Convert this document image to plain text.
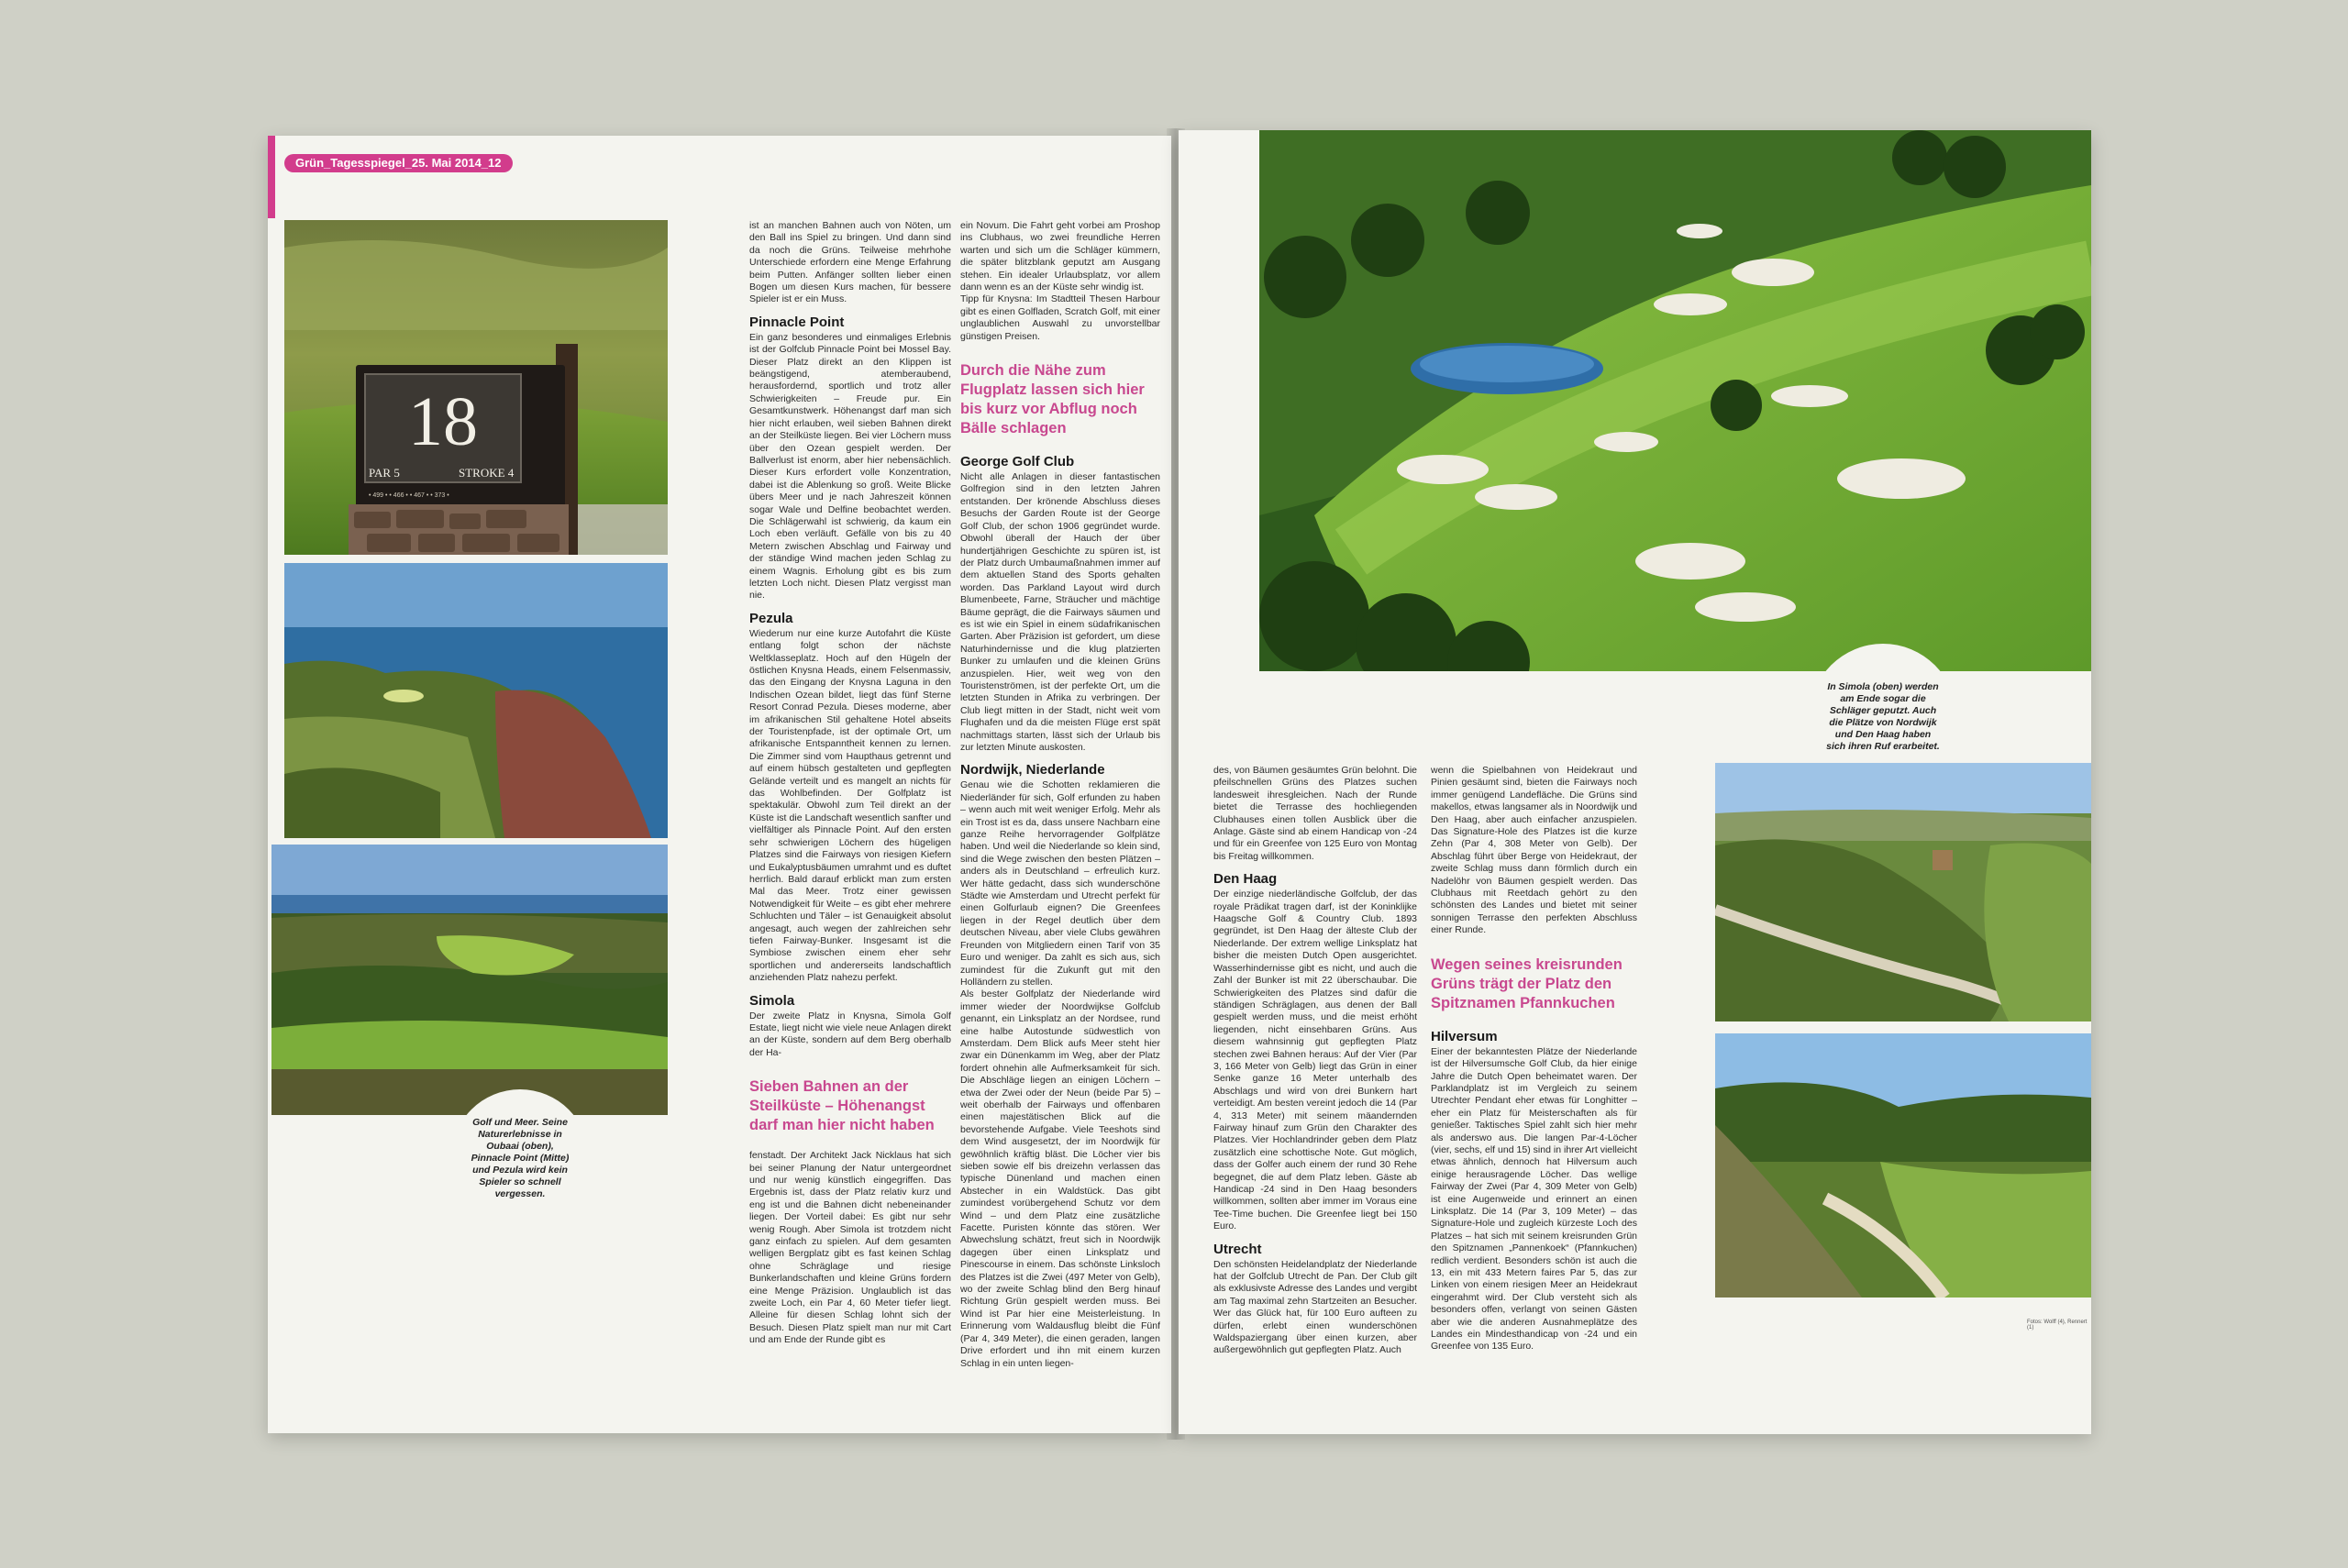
Grün_Tagesspiegel_25. Mai 2014_12
18
PAR 5	STROKE 4
• 499 • • 466 • • 467 • • 373 •
Golf und Meer. Seine Naturerlebnisse in Oubaai (oben), Pinnacle Point (Mitte) und Pezula wird kein Spieler so schnell vergessen.

ist an manchen Bahnen auch von Nöten, um den Ball ins Spiel zu bringen. Und dann sind da noch die Grüns. Teilweise mehrhohe Unterschiede erfordern eine Menge Erfahrung beim Putten. Anfänger sollten lieber einen Bogen um diesen Kurs machen, für bessere Spieler ist er ein Muss.

Pinnacle Point

Ein ganz besonderes und einmaliges Erlebnis ist der Golfclub Pinnacle Point bei Mossel Bay. Dieser Platz direkt an den Klippen ist beängstigend, atemberaubend, herausfordernd, sportlich und trotz aller Schwierigkeiten – Freude pur. Ein Gesamtkunstwerk. Höhenangst darf man sich hier nicht erlauben, weil sieben Bahnen direkt an der Steilküste liegen. Bei vier Löchern muss über den Ozean gespielt werden. Der Ballverlust ist enorm, aber hier nebensächlich. Dieser Kurs erfordert volle Konzentration, dabei ist die Ablenkung so groß. Weite Blicke übers Meer und je nach Jahreszeit können sogar Wale und Delfine beobachtet werden. Die Schlägerwahl ist schwierig, da kaum ein Loch eben verläuft. Gefälle von bis zu 40 Metern zwischen Abschlag und Fairway und der ständige Wind machen jeden Schlag zu einem Wagnis. Erholung gibt es bis zum letzten Loch nicht. Diesen Platz vergisst man nie.

Pezula

Wiederum nur eine kurze Autofahrt die Küste entlang folgt schon der nächste Weltklasseplatz. Hoch auf den Hügeln der östlichen Knysna Heads, einem Felsenmassiv, das den Eingang der Knysna Laguna in den Indischen Ozean bildet, liegt das fünf Sterne Resort Conrad Pezula. Dieses moderne, aber im afrikanischen Stil gehaltene Hotel abseits der Touristenpfade, ist der optimale Ort, um afrikanische Entspanntheit kennen zu lernen. Die Zimmer sind vom Haupthaus getrennt und auf einem hübsch gestalteten und gepflegten Gelände verteilt und es mangelt an nichts für das Wohlbefinden. Der Golfplatz ist spektakulär. Obwohl zum Teil direkt an der Küste ist die Landschaft wesentlich sanfter und vielfältiger als Pinnacle Point. Auf den ersten sehr schwierigen Löchern des hügeligen Platzes sind die Fairways von riesigen Kiefern und Eukalyptusbäumen umrahmt und es duftet herrlich. Bald darauf erblickt man zum ersten Mal das Meer. Trotz einer gewissen Notwendigkeit für Weite – es gibt eher mehrere Schluchten und Täler – ist Genauigkeit absolut angesagt, auch wegen der zahlreichen sehr tiefen Fairway-Bunker. Insgesamt ist die Symbiose zwischen einem eher sehr sportlichen und andererseits landschaftlich anziehenden Platz nahezu perfekt.

Simola

Der zweite Platz in Knysna, Simola Golf Estate, liegt nicht wie viele neue Anlagen direkt an der Küste, sondern auf dem Berg oberhalb der Ha-

Sieben Bahnen an der Steilküste – Höhenangst darf man hier nicht haben

fenstadt. Der Architekt Jack Nicklaus hat sich bei seiner Planung der Natur untergeordnet und nur wenig künstlich eingegriffen. Das Ergebnis ist, dass der Platz relativ kurz und eng ist und die Bahnen dicht nebeneinander liegen. Der Vorteil dabei: Es gibt nur sehr wenig Rough. Aber Simola ist trotzdem nicht ganz einfach zu spielen. Auf dem gesamten welligen Bergplatz gibt es fast keinen Schlag ohne Schräglage und riesige Bunkerlandschaften und kleine Grüns fordern eine Menge Präzision. Unglaublich ist das zweite Loch, ein Par 4, 60 Meter tiefer liegt. Alleine für diesen Schlag lohnt sich der Besuch. Diesen Platz spielt man nur mit Cart und am Ende der Runde gibt es

ein Novum. Die Fahrt geht vorbei am Proshop ins Clubhaus, wo zwei freundliche Herren warten und sich um die Schläger kümmern, die später blitzblank geputzt am Ausgang stehen. Ein idealer Urlaubsplatz, vor allem dann wenn es an der Küste sehr windig ist.

Tipp für Knysna: Im Stadtteil Thesen Harbour gibt es einen Golfladen, Scratch Golf, mit einer unglaublichen Auswahl zu unvorstellbar günstigen Preisen.

Durch die Nähe zum Flugplatz lassen sich hier bis kurz vor Abflug noch Bälle schlagen
George Golf Club

Nicht alle Anlagen in dieser fantastischen Golfregion sind in den letzten Jahren entstanden. Der krönende Abschluss dieses Besuchs der Garden Route ist der George Golf Club, der schon 1906 gegründet wurde. Obwohl überall der Hauch der über hundertjährigen Geschichte zu spüren ist, ist der Platz durch Umbaumaßnahmen immer auf dem aktuellen Stand des Sports gehalten worden. Das Parkland Layout wird durch Blumenbeete, Farne, Sträucher und mächtige Bäume geprägt, die die Fairways säumen und es ist wie ein Spiel in einem südafrikanischen Garten. Aber Präzision ist gefordert, um diese Naturhindernisse und die klug platzierten Bunker zu umlaufen und die kleinen Grüns anzuspielen. Hier, weit weg von den Touristenströmen, ist der perfekte Ort, um die letzten Stunden in Afrika zu verbringen. Der Club liegt mitten in der Stadt, nicht weit vom Flughafen und da die meisten Flüge erst spät nachmittags starten, lässt sich der Urlaub bis zur letzten Minute auskosten.

Nordwijk, Niederlande

Genau wie die Schotten reklamieren die Niederländer für sich, Golf erfunden zu haben – wenn auch mit weit weniger Erfolg. Mehr als ein Trost ist es da, dass unsere Nachbarn eine ganze Reihe hervorragender Golfplätze haben. Und weil die Niederlande so klein sind, sind die Wege zwischen den besten Plätzen – anders als in Deutschland – erfreulich kurz. Wer hätte gedacht, dass sich wunderschöne Städte wie Amsterdam und Utrecht perfekt für einen Golfurlaub eignen? Die Greenfees liegen in der Regel deutlich über dem deutschen Niveau, aber viele Clubs gewähren Freunden von Mitgliedern einen Tarif von 35 Euro und weniger. Da zahlt es sich aus, sich zumindest für die Zukunft gut mit den Holländern zu stellen.

Als bester Golfplatz der Niederlande wird immer wieder der Noordwijkse Golfclub genannt, ein Linksplatz an der Nordsee, rund eine halbe Autostunde südwestlich von Amsterdam. Dem Blick aufs Meer steht hier zwar ein Dünenkamm im Weg, aber der Platz fordert ohnehin alle Aufmerksamkeit für sich. Die Abschläge liegen an einigen Löchern – etwa der Zwei oder der Neun (beide Par 5) – weit oberhalb der Fairways und offenbaren einen majestätischen Blick auf die bevorstehende Aufgabe. Viele Teeshots sind dem Wind ausgesetzt, der im Noordwijk für gewöhnlich kräftig bläst. Die Löcher vier bis sieben sowie elf bis dreizehn verlassen das typische Dünenland und machen einen Abstecher in ein Waldstück. Das gibt zumindest vorübergehend Schutz vor dem Wind – und dem Platz eine zusätzliche Facette. Puristen könnte das stören. Wer Abwechslung schätzt, freut sich in Noordwijk dagegen über einen Linksplatz und Pinescourse in einem. Das schönste Linksloch des Platzes ist die Zwei (497 Meter von Gelb), wo der zweite Schlag blind den Berg hinauf Richtung Grün gespielt werden muss. Bei Wind ist Par hier eine Meisterleistung. In Erinnerung vom Waldausflug bleibt die Fünf (Par 4, 349 Meter), die einen geraden, langen Drive erfordert und ihn mit einem kurzen Schlag in ein unten liegen-

In Simola (oben) werden am Ende sogar die Schläger geputzt. Auch die Plätze von Nordwijk und Den Haag haben sich ihren Ruf erarbeitet.
Fotos: Wolff (4), Rennert (1)

des, von Bäumen gesäumtes Grün belohnt. Die pfeilschnellen Grüns des Platzes suchen landesweit ihresgleichen. Nach der Runde bietet die Terrasse des hochliegenden Clubhauses einen tollen Ausblick über die Anlage. Gäste sind ab einem Handicap von -24 und für ein Greenfee von 125 Euro von Montag bis Freitag willkommen.

Den Haag

Der einzige niederländische Golfclub, der das royale Prädikat tragen darf, ist der Koninklijke Haagsche Golf & Country Club. 1893 gegründet, ist Den Haag der älteste Club der Niederlande. Der extrem wellige Linksplatz hat bisher die meisten Dutch Open ausgerichtet. Wasserhindernisse gibt es nicht, und auch die Zahl der Bunker ist mit 22 überschaubar. Die Schwierigkeiten des Platzes sind dafür die ständigen Schräglagen, aus denen der Ball gespielt werden muss, und die meist erhöht liegenden, nicht einsehbaren Grüns. Aus diesem wahnsinnig gut gepflegten Platz stechen zwei Bahnen heraus: Auf der Vier (Par 3, 166 Meter von Gelb) liegt das Grün in einer Senke ganze 16 Meter unterhalb des Abschlags und wird von drei Bunkern hart verteidigt. Am besten vereint jedoch die 14 (Par 4, 313 Meter) mit seinem mäandernden Fairway hinauf zum Grün den Charakter des Platzes. Vier Hochlandrinder geben dem Platz zusätzlich eine schottische Note. Gut möglich, dass der Golfer auch einem der rund 30 Rehe begegnet, die auf dem Platz leben. Gäste ab Handicap -24 sind in Den Haag besonders willkommen, sollten aber immer im Voraus eine Tee-Time buchen. Die Greenfee liegt bei 150 Euro.

Utrecht

Den schönsten Heidelandplatz der Niederlande hat der Golfclub Utrecht de Pan. Der Club gilt als exklusivste Adresse des Landes und vergibt am Tag maximal zehn Startzeiten an Besucher. Wer das Glück hat, für 100 Euro aufteen zu dürfen, erlebt einen wunderschönen Waldspaziergang über einen kurzen, aber außergewöhnlich gut gepflegten Platz. Auch

wenn die Spielbahnen von Heidekraut und Pinien gesäumt sind, bieten die Fairways noch immer genügend Landefläche. Die Grüns sind makellos, etwas langsamer als in Noordwijk und Den Haag, aber auch einfacher anzuspielen. Das Signature-Hole des Platzes ist die kurze Zehn (Par 4, 308 Meter von Gelb). Der Abschlag führt über Berge von Heidekraut, der zweite Schlag muss dann förmlich durch ein Nadelöhr von Bäumen gespielt werden. Das Clubhaus mit Reetdach gehört zu den schönsten des Landes und bietet mit seiner sonnigen Terrasse den perfekten Abschluss einer Runde.

Wegen seines kreisrunden Grüns trägt der Platz den Spitznamen Pfannkuchen
Hilversum

Einer der bekanntesten Plätze der Niederlande ist der Hilversumsche Golf Club, da hier einige Jahre die Dutch Open beheimatet waren. Der Parklandplatz ist im Vergleich zu seinem Utrechter Pendant eher etwas für Longhitter – eher ein Platz für Meisterschaften als für genießer. Taktisches Spiel zahlt sich hier mehr als anderswo aus. Die langen Par-4-Löcher (vier, sechs, elf und 15) sind in ihrer Art vielleicht etwas ähnlich, dennoch hat Hilversum auch einige herausragende Löcher. Das wellige Fairway der Zwei (Par 4, 309 Meter von Gelb) ist eine Augenweide und erinnert an einen Linksplatz. Die 14 (Par 3, 109 Meter) – das Signature-Hole und zugleich kürzeste Loch des Platzes – hat sich mit seinem kreisrunden Grün den Spitznamen „Pannenkoek“ (Pfannkuchen) redlich verdient. Besonders schön ist auch die 13, ein mit 433 Metern faires Par 5, das zur Linken von einem riesigen Meer an Heidekraut eingerahmt wird. Der Club versteht sich als besonders offen, verlangt von seinen Gästen aber wie die anderen Ausnahmeplätze des Landes ein Mindesthandicap von -24 und ein Greenfee von 135 Euro.
